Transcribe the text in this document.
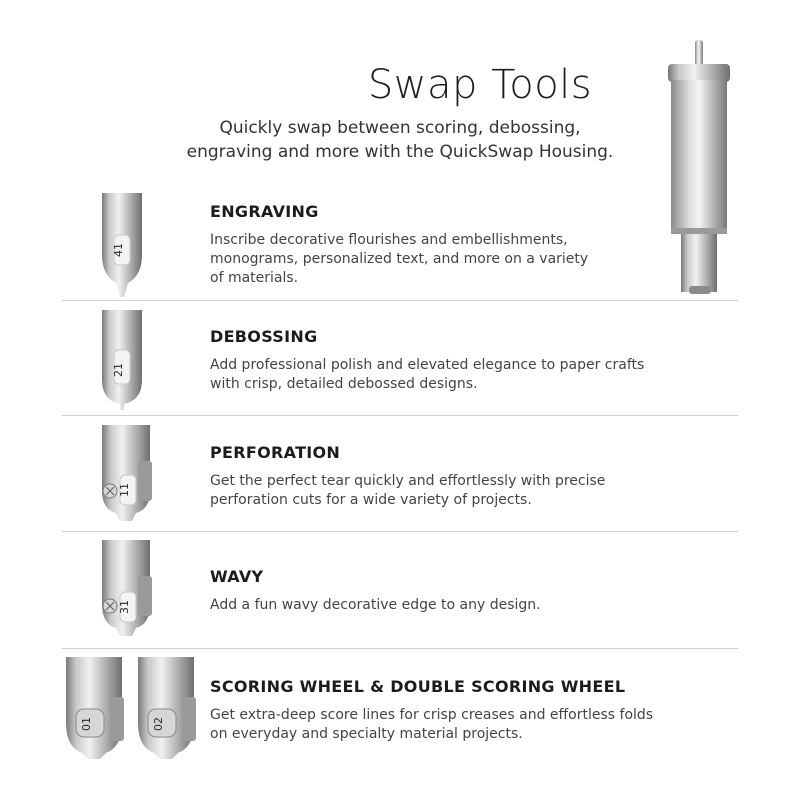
Swap Tools
Quickly swap between scoring, debossing,
engraving and more with the QuickSwap Housing.
41
ENGRAVING
Inscribe decorative flourishes and embellishments,
monograms, personalized text, and more on a variety
of materials.
21
DEBOSSING
Add professional polish and elevated elegance to paper crafts
with crisp, detailed debossed designs.
11
PERFORATION
Get the perfect tear quickly and effortlessly with precise
perforation cuts for a wide variety of projects.
31
WAVY
Add a fun wavy decorative edge to any design.
01	02
SCORING WHEEL & DOUBLE SCORING WHEEL
Get extra-deep score lines for crisp creases and effortless folds
on everyday and specialty material projects.
